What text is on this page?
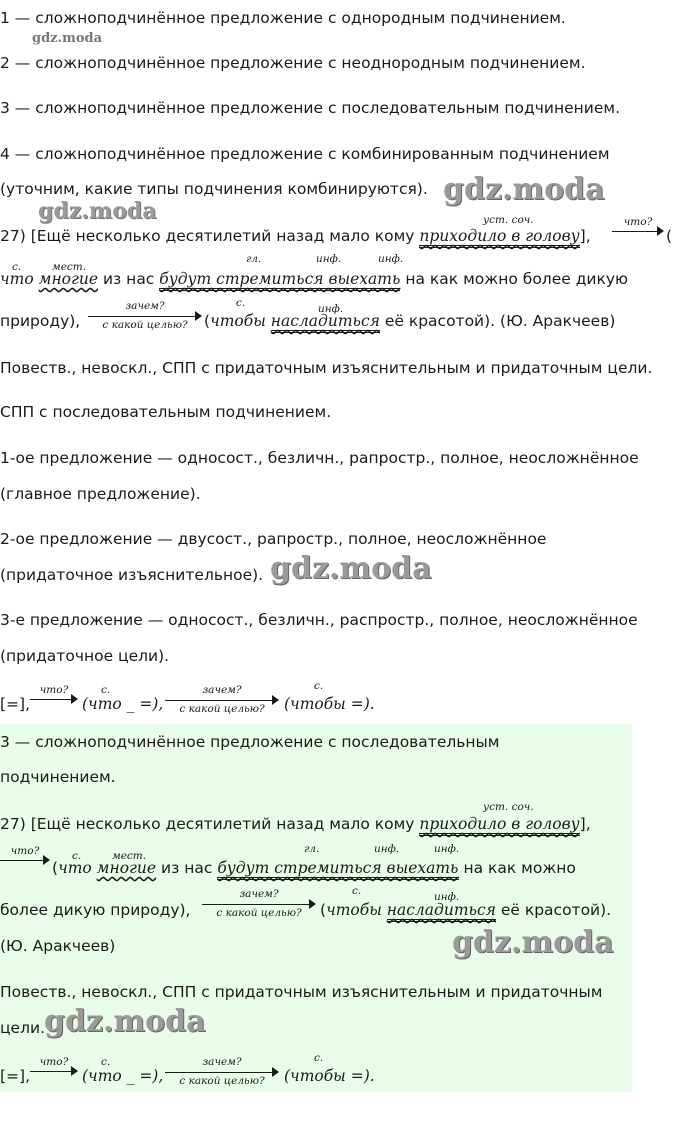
1 — сложноподчинённое предложение с однородным подчинением.
gdz.moda
2 — сложноподчинённое предложение с неоднородным подчинением.
3 — сложноподчинённое предложение с последовательным подчинением.
4 — сложноподчинённое предложение с комбинированным подчинением
(уточним, какие типы подчинения комбинируются). gdz.moda
gdz.moda
27) [Ещё несколько десятилетий назад мало кому приходило в голову],
уст. соч.	что?
(
с.	мест.
гл.	инф.	инф.
что многие из нас будут стремиться выехать на как можно более дикую
природу),
зачем?
с какой целью?
с.	инф.
(чтобы насладиться её красотой). (Ю. Аракчеев)
Повеств., невоскл., СПП с придаточным изъяснительным и придаточным цели.
СПП с последовательным подчинением.
1-ое предложение — односост., безличн., рапростр., полное, неосложнённое
(главное предложение).
2-ое предложение — двусост., рапростр., полное, неосложнённое
(придаточное изъяснительное). gdz.moda
3-е предложение — односост., безличн., распростр., полное, неосложнённое
(придаточное цели).
[=],
что?	с.
(что _ =),
зачем?
с какой целью?
с.
(чтобы =).
3 — сложноподчинённое предложение с последовательным
подчинением.
уст. соч.
27) [Ещё несколько десятилетий назад мало кому приходило в голову],
что?	с.	мест.
гл.	инф.	инф.
(что многие из нас будут стремиться выехать на как можно
более дикую природу),
зачем?
с какой целью?
с.	инф.
(чтобы насладиться её красотой).
(Ю. Аракчеев)	gdz.moda
Повеств., невоскл., СПП с придаточным изъяснительным и придаточным
цели. gdz.moda
[=],
что?	с.
(что _ =),
зачем?
с какой целью?
с.
(чтобы =).
